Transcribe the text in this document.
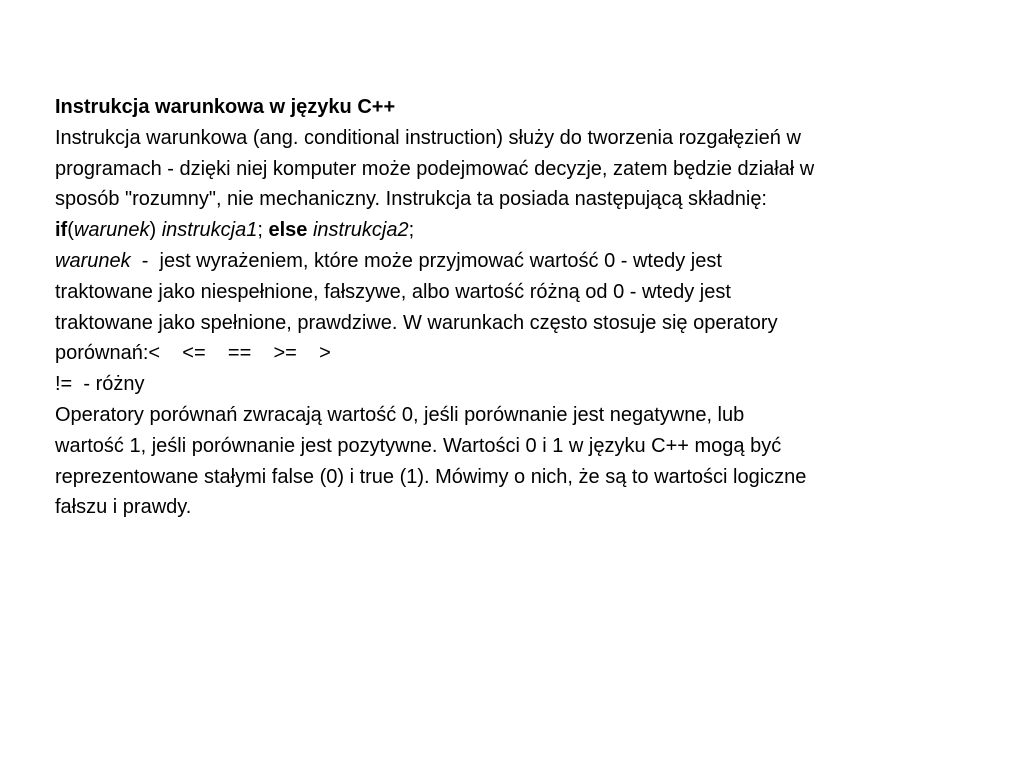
Instrukcja warunkowa w języku C++
Instrukcja warunkowa (ang. conditional instruction) służy do tworzenia rozgałęzień w
programach - dzięki niej komputer może podejmować decyzje, zatem będzie działał w
sposób "rozumny", nie mechaniczny. Instrukcja ta posiada następującą składnię:
if(warunek) instrukcja1; else instrukcja2;
warunek  -  jest wyrażeniem, które może przyjmować wartość 0 - wtedy jest
traktowane jako niespełnione, fałszywe, albo wartość różną od 0 - wtedy jest
traktowane jako spełnione, prawdziwe. W warunkach często stosuje się operatory
porównań:<    <=    ==    >=    >
!=  - różny
Operatory porównań zwracają wartość 0, jeśli porównanie jest negatywne, lub
wartość 1, jeśli porównanie jest pozytywne. Wartości 0 i 1 w języku C++ mogą być
reprezentowane stałymi false (0) i true (1). Mówimy o nich, że są to wartości logiczne
fałszu i prawdy.
